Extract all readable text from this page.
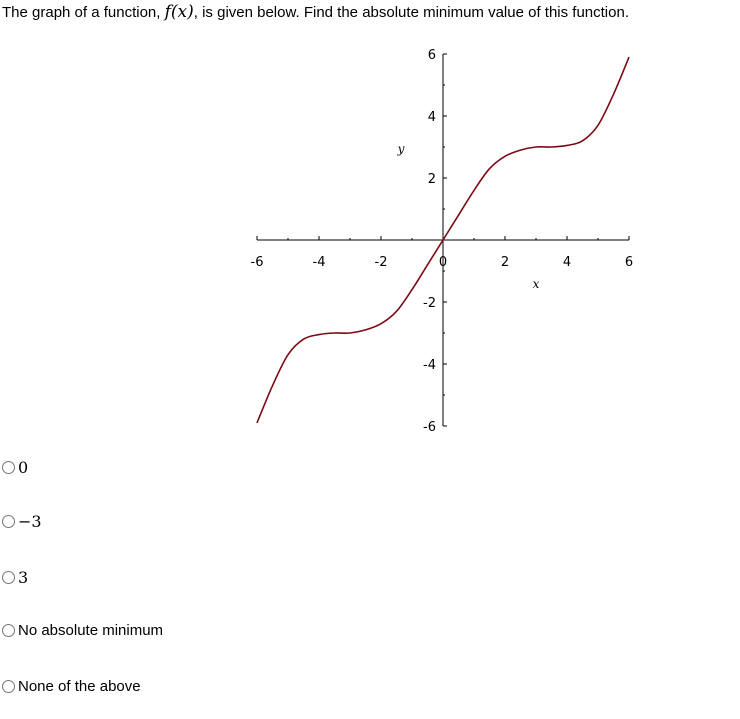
The graph of a function, f(x), is given below. Find the absolute minimum value of this function.
-6	-4	-2	0	2	4	6
-6
-4
-2
2
4
6
x
y
0
−3
3
No absolute minimum
None of the above
